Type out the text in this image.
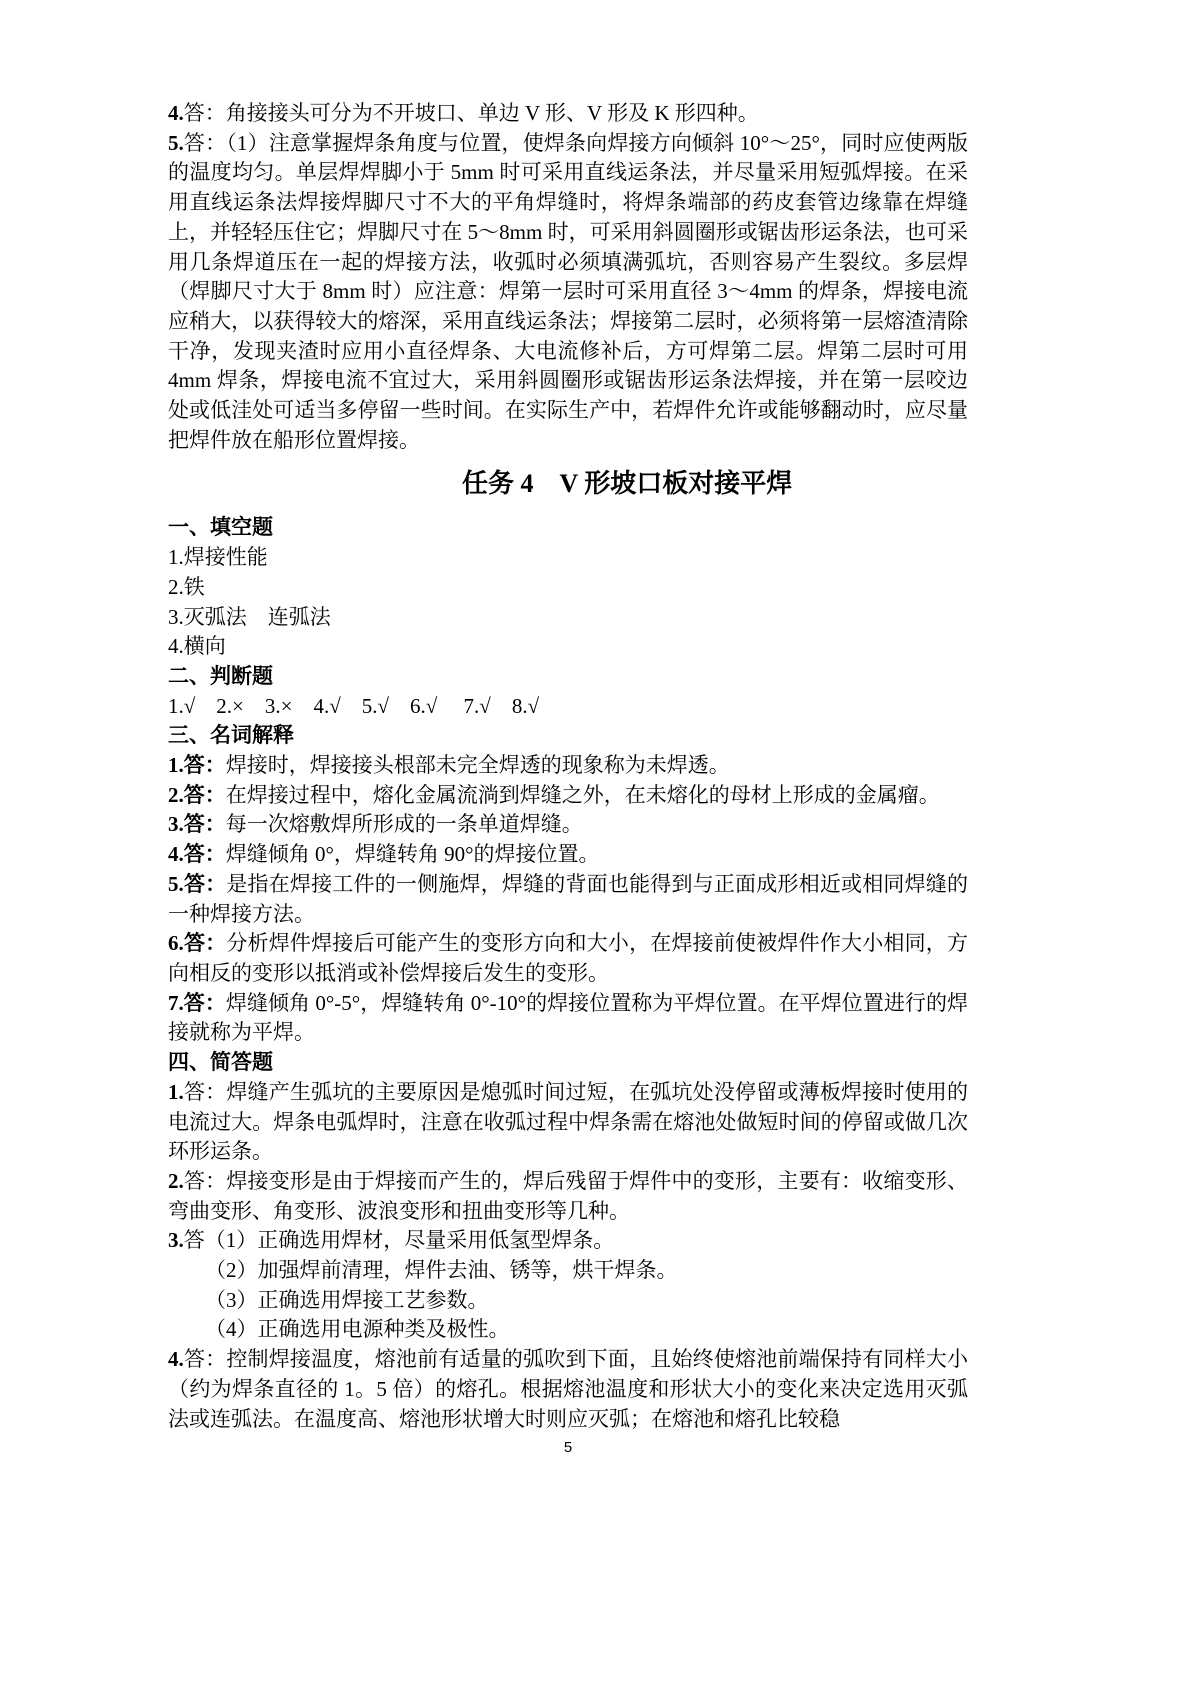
4.答：角接接头可分为不开坡口、单边 V 形、V 形及 K 形四种。

5.答：（1）注意掌握焊条角度与位置，使焊条向焊接方向倾斜 10°～25°，同时应使两版的温度均匀。单层焊焊脚小于 5mm 时可采用直线运条法，并尽量采用短弧焊接。在采用直线运条法焊接焊脚尺寸不大的平角焊缝时，将焊条端部的药皮套管边缘靠在焊缝上，并轻轻压住它；焊脚尺寸在 5～8mm 时，可采用斜圆圈形或锯齿形运条法，也可采用几条焊道压在一起的焊接方法，收弧时必须填满弧坑，否则容易产生裂纹。多层焊（焊脚尺寸大于 8mm 时）应注意：焊第一层时可采用直径 3～4mm 的焊条，焊接电流应稍大，以获得较大的熔深，采用直线运条法；焊接第二层时，必须将第一层熔渣清除干净，发现夹渣时应用小直径焊条、大电流修补后，方可焊第二层。焊第二层时可用 4mm 焊条，焊接电流不宜过大，采用斜圆圈形或锯齿形运条法焊接，并在第一层咬边处或低洼处可适当多停留一些时间。在实际生产中，若焊件允许或能够翻动时，应尽量把焊件放在船形位置焊接。

任务 4　V 形坡口板对接平焊

一、填空题

1.焊接性能

2.铁

3.灭弧法　连弧法

4.横向

二、判断题

1.√　2.×　3.×　4.√　5.√　6.√　 7.√　8.√

三、名词解释

1.答：焊接时，焊接接头根部未完全焊透的现象称为未焊透。

2.答：在焊接过程中，熔化金属流淌到焊缝之外，在未熔化的母材上形成的金属瘤。

3.答：每一次熔敷焊所形成的一条单道焊缝。

4.答：焊缝倾角 0°，焊缝转角 90°的焊接位置。

5.答：是指在焊接工件的一侧施焊，焊缝的背面也能得到与正面成形相近或相同焊缝的一种焊接方法。

6.答：分析焊件焊接后可能产生的变形方向和大小，在焊接前使被焊件作大小相同，方向相反的变形以抵消或补偿焊接后发生的变形。

7.答：焊缝倾角 0°-5°，焊缝转角 0°-10°的焊接位置称为平焊位置。在平焊位置进行的焊接就称为平焊。

四、简答题

1.答：焊缝产生弧坑的主要原因是熄弧时间过短，在弧坑处没停留或薄板焊接时使用的电流过大。焊条电弧焊时，注意在收弧过程中焊条需在熔池处做短时间的停留或做几次环形运条。

2.答：焊接变形是由于焊接而产生的，焊后残留于焊件中的变形，主要有：收缩变形、弯曲变形、角变形、波浪变形和扭曲变形等几种。

3.答（1）正确选用焊材，尽量采用低氢型焊条。

（2）加强焊前清理，焊件去油、锈等，烘干焊条。

（3）正确选用焊接工艺参数。

（4）正确选用电源种类及极性。

4.答：控制焊接温度，熔池前有适量的弧吹到下面，且始终使熔池前端保持有同样大小（约为焊条直径的 1。5 倍）的熔孔。根据熔池温度和形状大小的变化来决定选用灭弧法或连弧法。在温度高、熔池形状增大时则应灭弧；在熔池和熔孔比较稳

5
